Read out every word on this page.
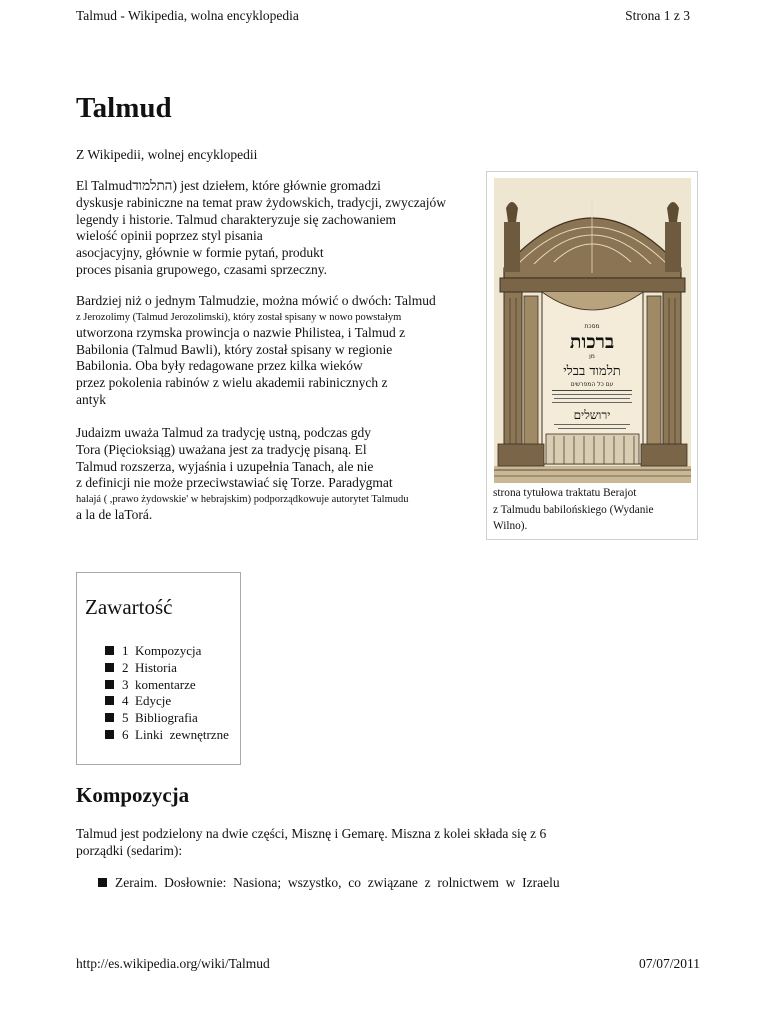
Talmud - Wikipedia, wolna encyklopedia	Strona 1 z 3
Talmud
Z Wikipedii, wolnej encyklopedii
El Talmudהתלמוד) jest dziełem, które głównie gromadzi
dyskusje rabiniczne na temat praw żydowskich, tradycji, zwyczajów
legendy i historie. Talmud charakteryzuje się zachowaniem
wielość opinii poprzez styl pisania
asocjacyjny, głównie w formie pytań, produkt
proces pisania grupowego, czasami sprzeczny.
Bardziej niż o jednym Talmudzie, można mówić o dwóch: Talmud
z Jerozolimy (Talmud Jerozolimski), który został spisany w nowo powstałym
utworzona rzymska prowincja o nazwie Philistea, i Talmud z
Babilonia (Talmud Bawli), który został spisany w regionie
Babilonia. Oba były redagowane przez kilka wieków
przez pokolenia rabinów z wielu akademii rabinicznych z
antyk
Judaizm uważa Talmud za tradycję ustną, podczas gdy
Tora (Pięcioksiąg) uważana jest za tradycję pisaną. El
Talmud rozszerza, wyjaśnia i uzupełnia Tanach, ale nie
z definicji nie może przeciwstawiać się Torze. Paradygmat
halajá ( ,prawo żydowskie' w hebrajskim) podporządkowuje autorytet Talmudu
a la de laTorá.
מסכת
ברכות
מן
תלמוד בבלי
עם כל המפרשים
ירושלים
strona tytułowa traktatu Berajot
z Talmudu babilońskiego (Wydanie
Wilno).
Zawartość
1 Kompozycja
2 Historia
3 komentarze
4 Edycje
5 Bibliografia
6 Linki  zewnętrzne
Kompozycja
Talmud jest podzielony na dwie części, Misznę i Gemarę. Miszna z kolei składa się z 6
porządki (sedarim):
Zeraim.  Dosłownie:  Nasiona;  wszystko,  co  związane  z  rolnictwem  w  Izraelu
http://es.wikipedia.org/wiki/Talmud	07/07/2011
